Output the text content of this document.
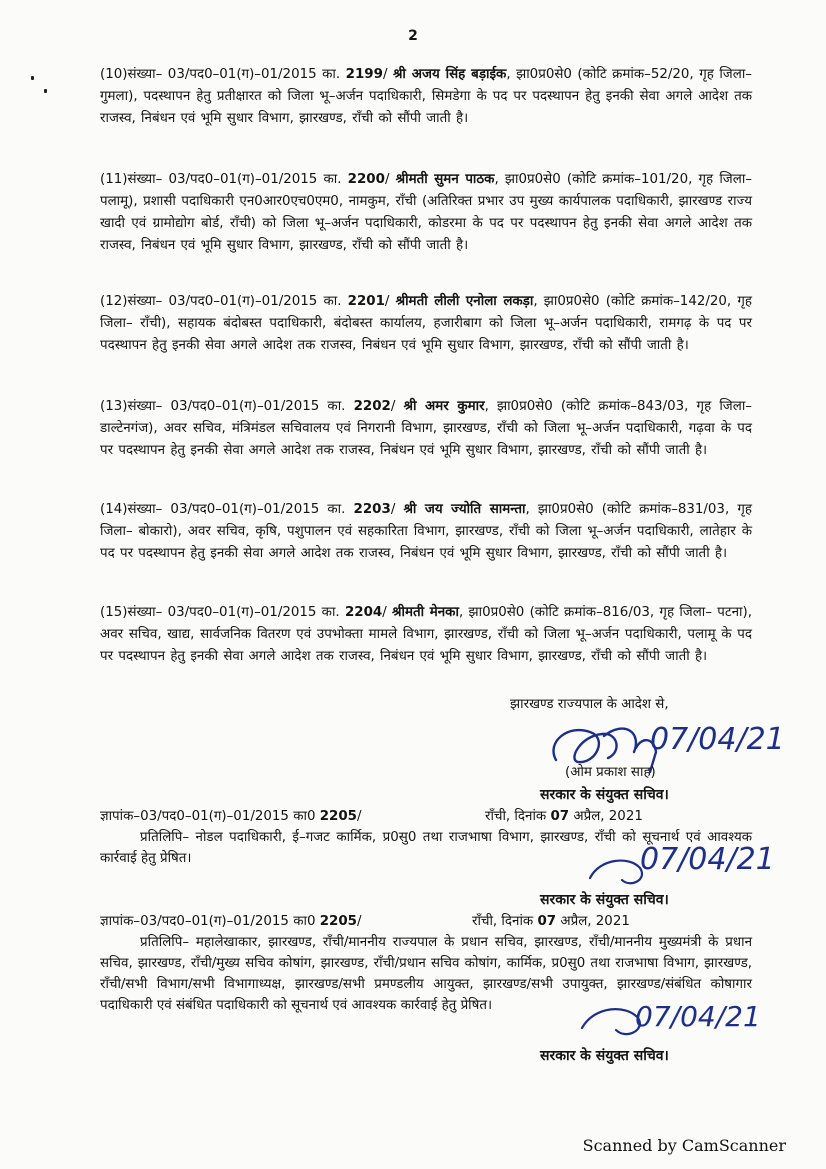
2
(10)संख्या– 03/पद0–01(ग)–01/2015 का. 2199/ श्री अजय सिंह बड़ाईक, झा0प्र0से0 (कोटि क्रमांक–52/20, गृह जिला– गुमला), पदस्थापन हेतु प्रतीक्षारत को जिला भू–अर्जन पदाधिकारी, सिमडेगा के पद पर पदस्थापन हेतु इनकी सेवा अगले आदेश तक राजस्व, निबंधन एवं भूमि सुधार विभाग, झारखण्ड, राँची को सौंपी जाती है।
(11)संख्या– 03/पद0–01(ग)–01/2015 का. 2200/ श्रीमती सुमन पाठक, झा0प्र0से0 (कोटि क्रमांक–101/20, गृह जिला– पलामू), प्रशासी पदाधिकारी एन0आर0एच0एम0, नामकुम, राँची (अतिरिक्त प्रभार उप मुख्य कार्यपालक पदाधिकारी, झारखण्ड राज्य खादी एवं ग्रामोद्योग बोर्ड, राँची) को जिला भू–अर्जन पदाधिकारी, कोडरमा के पद पर पदस्थापन हेतु इनकी सेवा अगले आदेश तक राजस्व, निबंधन एवं भूमि सुधार विभाग, झारखण्ड, राँची को सौंपी जाती है।
(12)संख्या– 03/पद0–01(ग)–01/2015 का. 2201/ श्रीमती लीली एनोला लकड़ा, झा0प्र0से0 (कोटि क्रमांक–142/20, गृह जिला– राँची), सहायक बंदोबस्त पदाधिकारी, बंदोबस्त कार्यालय, हजारीबाग को जिला भू–अर्जन पदाधिकारी, रामगढ़ के पद पर पदस्थापन हेतु इनकी सेवा अगले आदेश तक राजस्व, निबंधन एवं भूमि सुधार विभाग, झारखण्ड, राँची को सौंपी जाती है।
(13)संख्या– 03/पद0–01(ग)–01/2015 का. 2202/ श्री अमर कुमार, झा0प्र0से0 (कोटि क्रमांक–843/03, गृह जिला– डाल्टेनगंज), अवर सचिव, मंत्रिमंडल सचिवालय एवं निगरानी विभाग, झारखण्ड, राँची को जिला भू–अर्जन पदाधिकारी, गढ़वा के पद पर पदस्थापन हेतु इनकी सेवा अगले आदेश तक राजस्व, निबंधन एवं भूमि सुधार विभाग, झारखण्ड, राँची को सौंपी जाती है।
(14)संख्या– 03/पद0–01(ग)–01/2015 का. 2203/ श्री जय ज्योति सामन्ता, झा0प्र0से0 (कोटि क्रमांक–831/03, गृह जिला– बोकारो), अवर सचिव, कृषि, पशुपालन एवं सहकारिता विभाग, झारखण्ड, राँची को जिला भू–अर्जन पदाधिकारी, लातेहार के पद पर पदस्थापन हेतु इनकी सेवा अगले आदेश तक राजस्व, निबंधन एवं भूमि सुधार विभाग, झारखण्ड, राँची को सौंपी जाती है।
(15)संख्या– 03/पद0–01(ग)–01/2015 का. 2204/ श्रीमती मेनका, झा0प्र0से0 (कोटि क्रमांक–816/03, गृह जिला– पटना), अवर सचिव, खाद्य, सार्वजनिक वितरण एवं उपभोक्ता मामले विभाग, झारखण्ड, राँची को जिला भू–अर्जन पदाधिकारी, पलामू के पद पर पदस्थापन हेतु इनकी सेवा अगले आदेश तक राजस्व, निबंधन एवं भूमि सुधार विभाग, झारखण्ड, राँची को सौंपी जाती है।
झारखण्ड राज्यपाल के आदेश से,
07/04/21
(ओम प्रकाश साह)
सरकार के संयुक्त सचिव।
ज्ञापांक–03/पद0–01(ग)–01/2015 का0 2205/	राँची, दिनांक 07 अप्रैल, 2021
प्रतिलिपि– नोडल पदाधिकारी, ई–गजट कार्मिक, प्र0सु0 तथा राजभाषा विभाग, झारखण्ड, राँची को सूचनार्थ एवं आवश्यक कार्रवाई हेतु प्रेषित।	07/04/21
सरकार के संयुक्त सचिव।
ज्ञापांक–03/पद0–01(ग)–01/2015 का0 2205/	राँची, दिनांक 07 अप्रैल, 2021
प्रतिलिपि– महालेखाकार, झारखण्ड, राँची/माननीय राज्यपाल के प्रधान सचिव, झारखण्ड, राँची/माननीय मुख्यमंत्री के प्रधान सचिव, झारखण्ड, राँची/मुख्य सचिव कोषांग, झारखण्ड, राँची/प्रधान सचिव कोषांग, कार्मिक, प्र0सु0 तथा राजभाषा विभाग, झारखण्ड, राँची/सभी विभाग/सभी विभागाध्यक्ष, झारखण्ड/सभी प्रमण्डलीय आयुक्त, झारखण्ड/सभी उपायुक्त, झारखण्ड/संबंधित कोषागार पदाधिकारी एवं संबंधित पदाधिकारी को सूचनार्थ एवं आवश्यक कार्रवाई हेतु प्रेषित।	07/04/21
सरकार के संयुक्त सचिव।
Scanned by CamScanner
